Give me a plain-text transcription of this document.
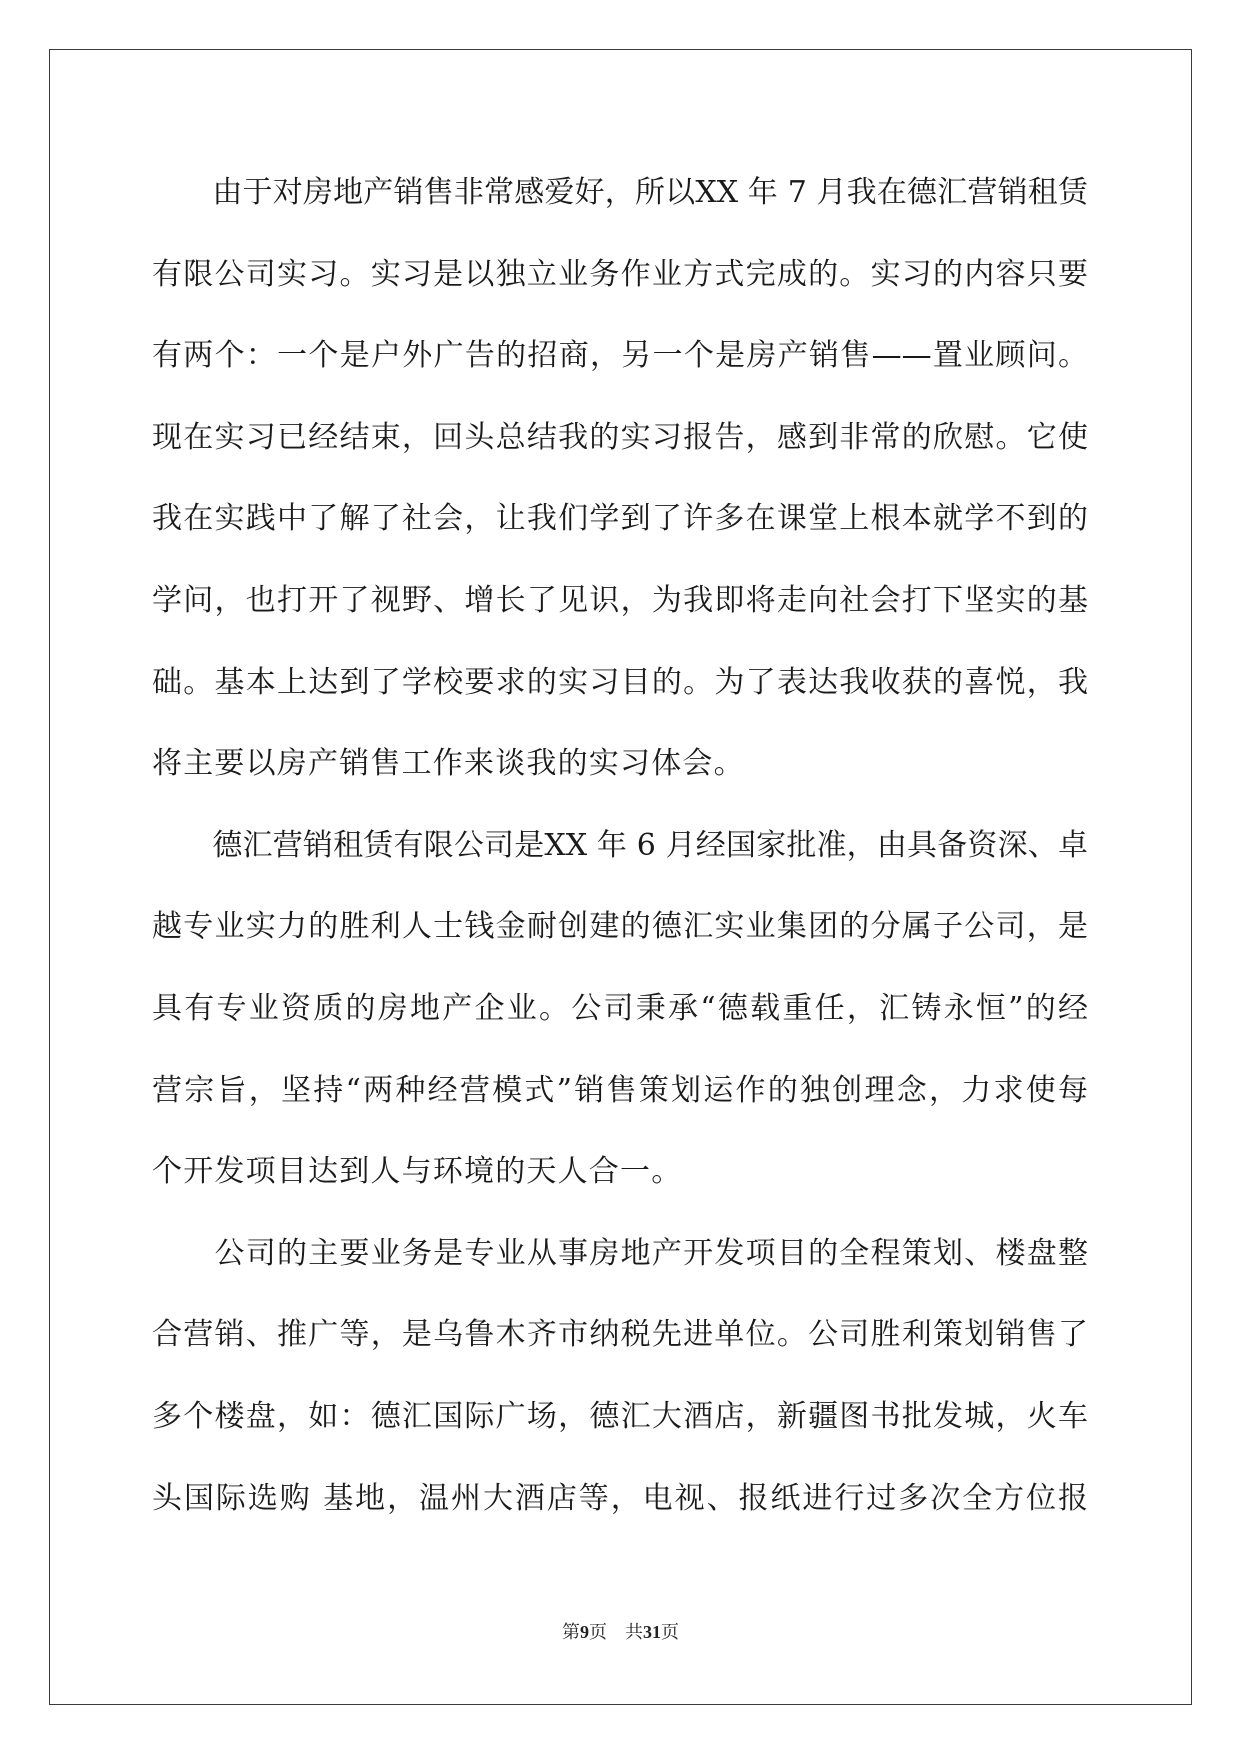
　　由于对房地产销售非常感爱好，所以XX 年 7 月我在德汇营销租赁
有限公司实习。实习是以独立业务作业方式完成的。实习的内容只要
有两个：一个是户外广告的招商，另一个是房产销售——置业顾问。
现在实习已经结束，回头总结我的实习报告，感到非常的欣慰。它使
我在实践中了解了社会，让我们学到了许多在课堂上根本就学不到的
学问，也打开了视野、增长了见识，为我即将走向社会打下坚实的基
础。基本上达到了学校要求的实习目的。为了表达我收获的喜悦，我
将主要以房产销售工作来谈我的实习体会。
　　德汇营销租赁有限公司是XX 年 6 月经国家批准，由具备资深、卓
越专业实力的胜利人士钱金耐创建的德汇实业集团的分属子公司，是
具有专业资质的房地产企业。公司秉承“德载重任，汇铸永恒”的经
营宗旨，坚持“两种经营模式”销售策划运作的独创理念，力求使每
个开发项目达到人与环境的天人合一。
　　公司的主要业务是专业从事房地产开发项目的全程策划、楼盘整
合营销、推广等，是乌鲁木齐市纳税先进单位。公司胜利策划销售了
多个楼盘，如：德汇国际广场，德汇大酒店，新疆图书批发城，火车
头国际选购 基地，温州大酒店等，电视、报纸进行过多次全方位报
第9页　共31页
